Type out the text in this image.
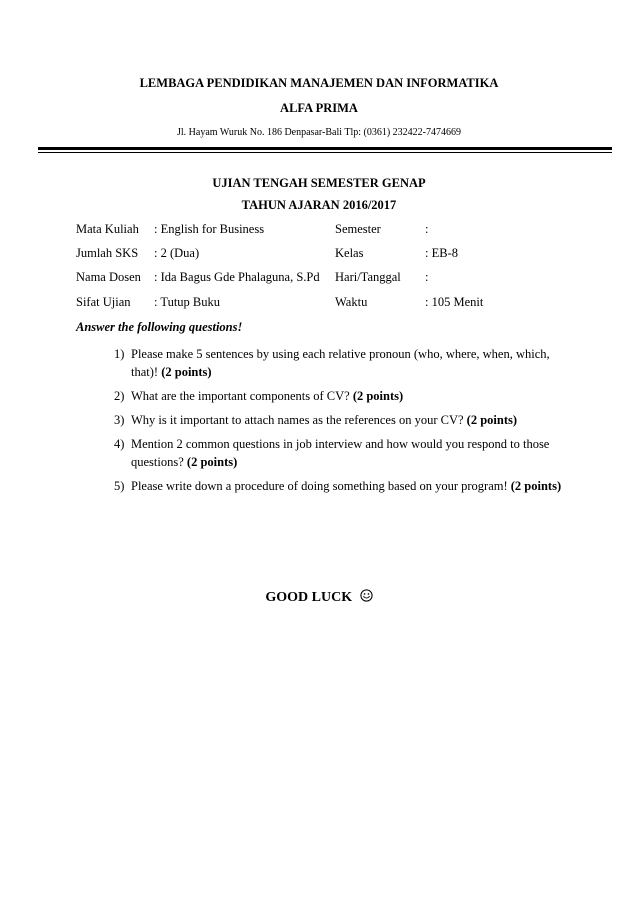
LEMBAGA PENDIDIKAN MANAJEMEN DAN INFORMATIKA
ALFA PRIMA
Jl. Hayam Wuruk No. 186 Denpasar-Bali Tlp: (0361) 232422-7474669
UJIAN TENGAH SEMESTER GENAP
TAHUN AJARAN 2016/2017
Mata Kuliah : English for Business	Semester	:
Jumlah SKS : 2 (Dua)	Kelas	: EB-8
Nama Dosen : Ida Bagus Gde Phalaguna, S.Pd Hari/Tanggal :
Sifat Ujian : Tutup Buku	Waktu	: 105 Menit
Answer the following questions!
1) Please make 5 sentences by using each relative pronoun (who, where, when, which, that)! (2 points)
2) What are the important components of CV? (2 points)
3) Why is it important to attach names as the references on your CV? (2 points)
4) Mention 2 common questions in job interview and how would you respond to those questions? (2 points)
5) Please write down a procedure of doing something based on your program! (2 points)
GOOD LUCK
